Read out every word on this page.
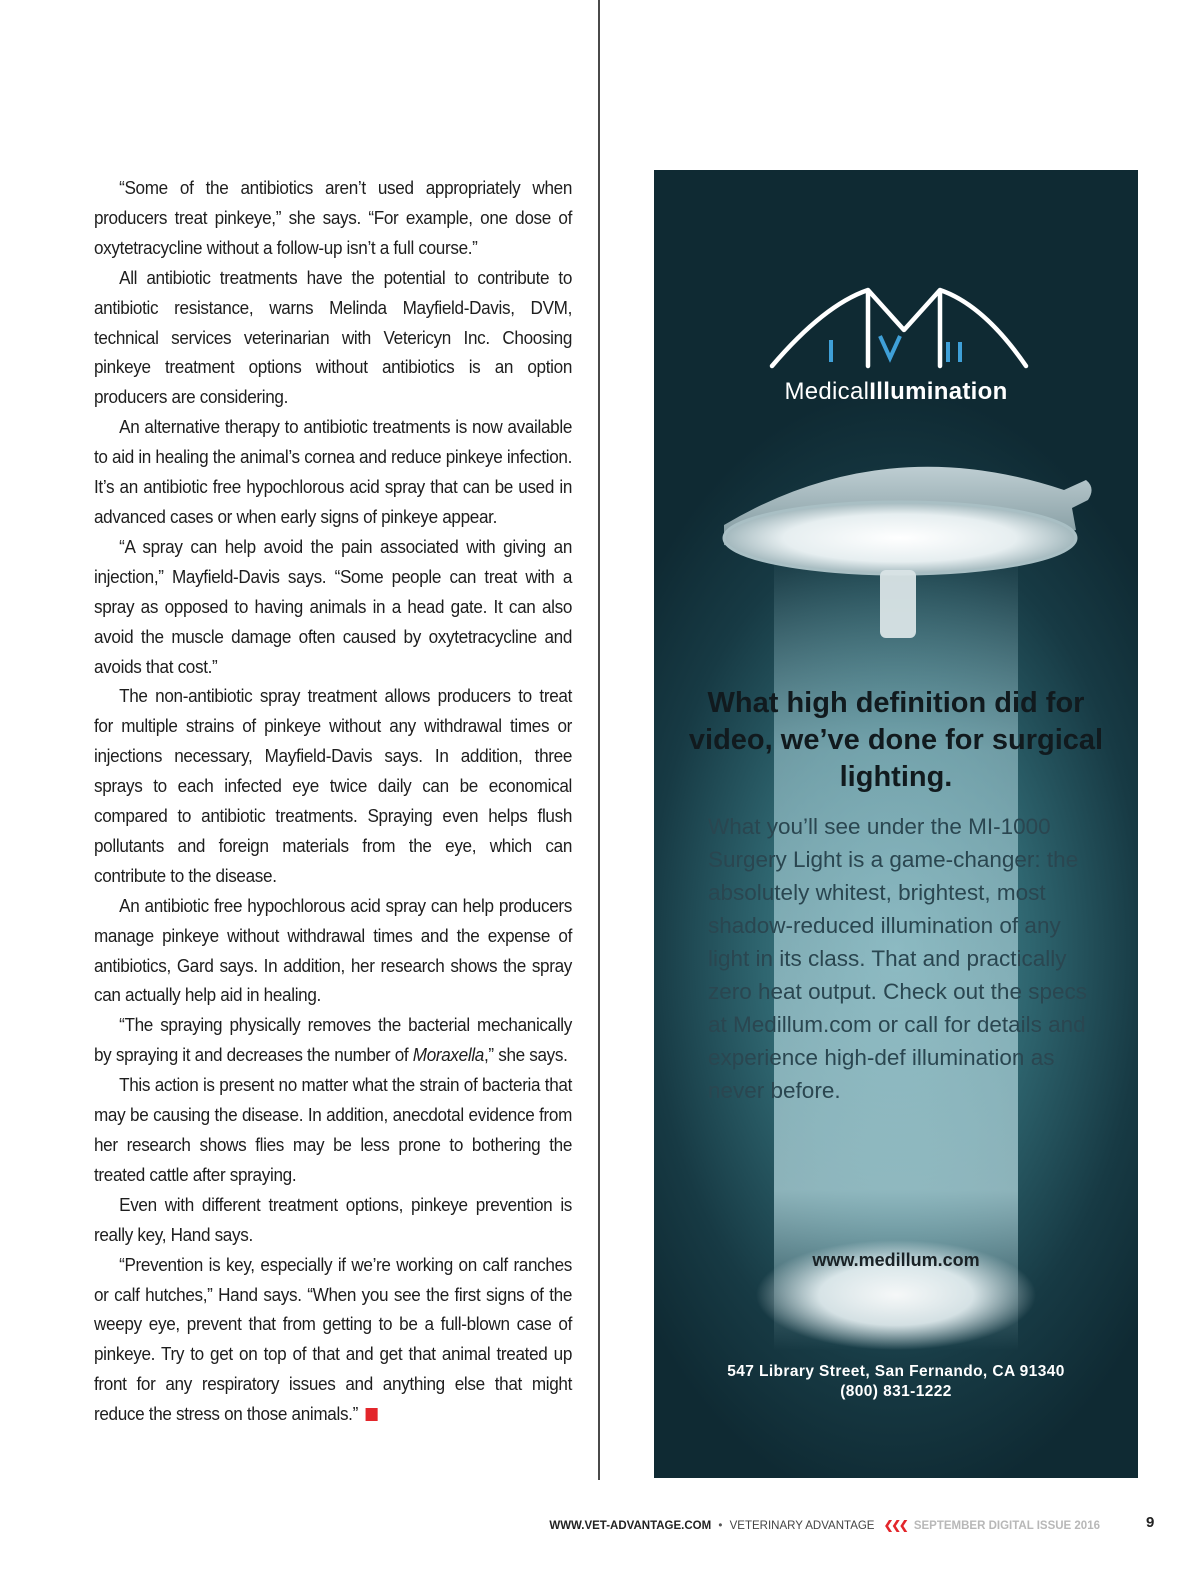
“Some of the antibiotics aren’t used appropriately when producers treat pinkeye,” she says. “For example, one dose of oxytetracycline without a follow-up isn’t a full course.”

All antibiotic treatments have the potential to contribute to antibiotic resistance, warns Melinda Mayfield-Davis, DVM, technical services veterinarian with Vetericyn Inc. Choosing pinkeye treatment options without antibiotics is an option producers are considering.

An alternative therapy to antibiotic treatments is now available to aid in healing the animal’s cornea and reduce pinkeye infection. It’s an antibiotic free hypochlorous acid spray that can be used in advanced cases or when early signs of pinkeye appear.

“A spray can help avoid the pain associated with giving an injection,” Mayfield-Davis says. “Some people can treat with a spray as opposed to having animals in a head gate. It can also avoid the muscle damage often caused by oxytetracycline and avoids that cost.”

The non-antibiotic spray treatment allows producers to treat for multiple strains of pinkeye without any withdrawal times or injections necessary, Mayfield-Davis says. In addition, three sprays to each infected eye twice daily can be economical compared to antibiotic treatments. Spraying even helps flush pollutants and foreign materials from the eye, which can contribute to the disease.

An antibiotic free hypochlorous acid spray can help producers manage pinkeye without withdrawal times and the expense of antibiotics, Gard says. In addition, her research shows the spray can actually help aid in healing.

“The spraying physically removes the bacterial mechanically by spraying it and decreases the number of Moraxella,” she says.

This action is present no matter what the strain of bacteria that may be causing the disease. In addition, anecdotal evidence from her research shows flies may be less prone to bothering the treated cattle after spraying.

Even with different treatment options, pinkeye prevention is really key, Hand says.

“Prevention is key, especially if we’re working on calf ranches or calf hutches,” Hand says. “When you see the first signs of the weepy eye, prevent that from getting to be a full-blown case of pinkeye. Try to get on top of that and get that animal treated up front for any respiratory issues and anything else that might reduce the stress on those animals.”

MedicalIllumination
What high definition did for video, we’ve done for surgical lighting.
What you’ll see under the MI-1000 Surgery Light is a game-changer: the absolutely whitest, brightest, most shadow-reduced illumination of any light in its class. That and practically zero heat output. Check out the specs at Medillum.com or call for details and experience high-def illumination as never before.
www.medillum.com
547 Library Street, San Fernando, CA 91340
(800) 831-1222
WWW.VET-ADVANTAGE.COM • VETERINARY ADVANTAGE ❮❮❮ SEPTEMBER DIGITAL ISSUE 2016	9
